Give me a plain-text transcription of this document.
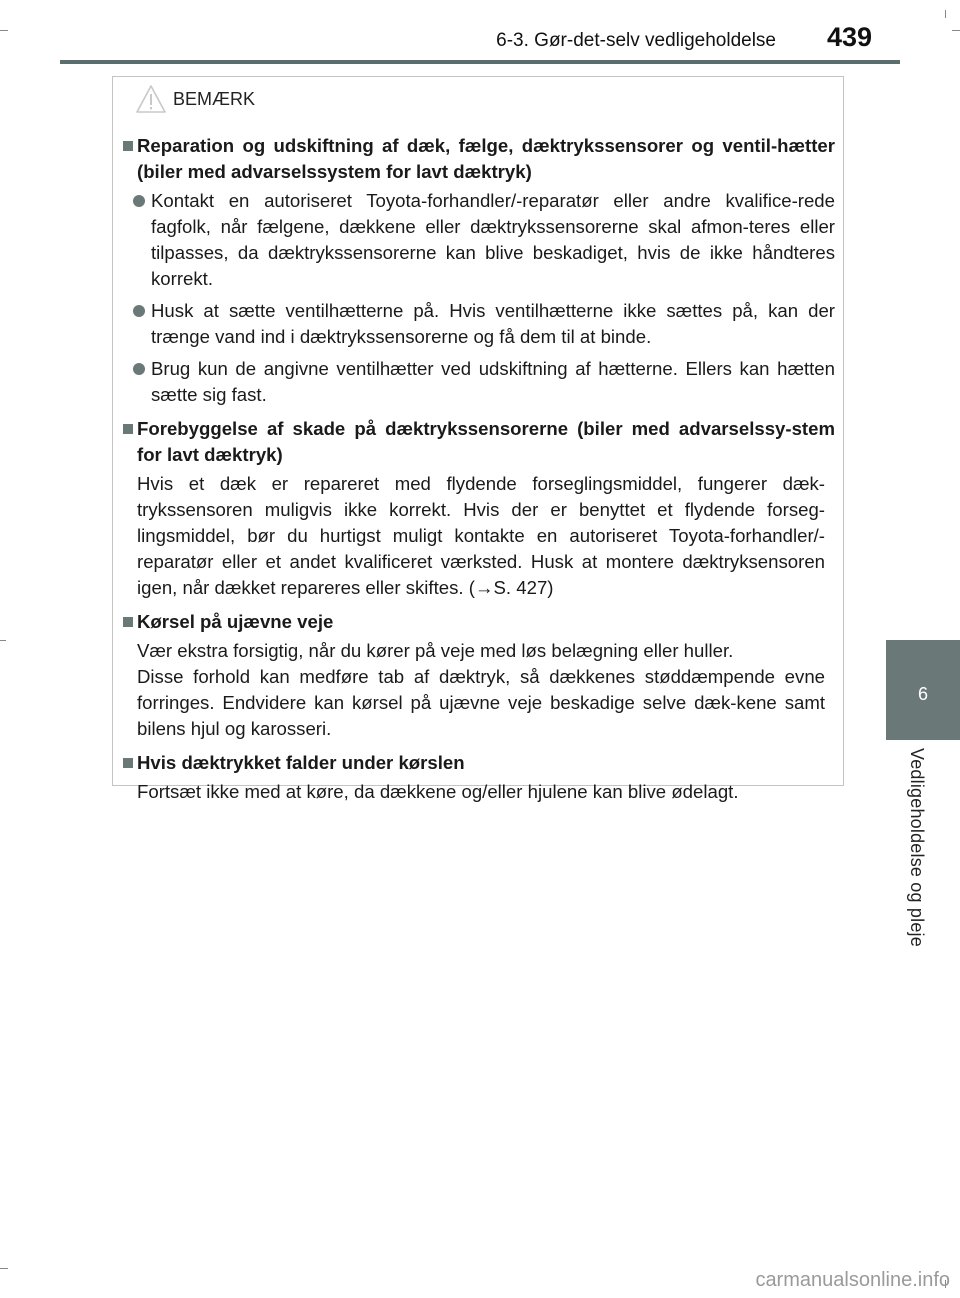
6-3. Gør-det-selv vedligeholdelse 439
6
Vedligeholdelse og pleje
BEMÆRK
Reparation og udskiftning af dæk, fælge, dæktrykssensorer og ventil-hætter (biler med advarselssystem for lavt dæktryk)
Kontakt en autoriseret Toyota-forhandler/-reparatør eller andre kvalifice-rede fagfolk, når fælgene, dækkene eller dæktrykssensorerne skal afmon-teres eller tilpasses, da dæktrykssensorerne kan blive beskadiget, hvis de ikke håndteres korrekt.
Husk at sætte ventilhætterne på. Hvis ventilhætterne ikke sættes på, kan der trænge vand ind i dæktrykssensorerne og få dem til at binde.
Brug kun de angivne ventilhætter ved udskiftning af hætterne. Ellers kan hætten sætte sig fast.
Forebyggelse af skade på dæktrykssensorerne (biler med advarselssy-stem for lavt dæktryk)
Hvis et dæk er repareret med flydende forseglingsmiddel, fungerer dæk-trykssensoren muligvis ikke korrekt. Hvis der er benyttet et flydende forseg-lingsmiddel, bør du hurtigst muligt kontakte en autoriseret Toyota-forhandler/-reparatør eller et andet kvalificeret værksted. Husk at montere dæktryksensoren igen, når dækket repareres eller skiftes. (→S. 427)
Kørsel på ujævne veje
Vær ekstra forsigtig, når du kører på veje med løs belægning eller huller.
Disse forhold kan medføre tab af dæktryk, så dækkenes støddæmpende evne forringes. Endvidere kan kørsel på ujævne veje beskadige selve dæk-kene samt bilens hjul og karosseri.
Hvis dæktrykket falder under kørslen
Fortsæt ikke med at køre, da dækkene og/eller hjulene kan blive ødelagt.
carmanualsonline.info
